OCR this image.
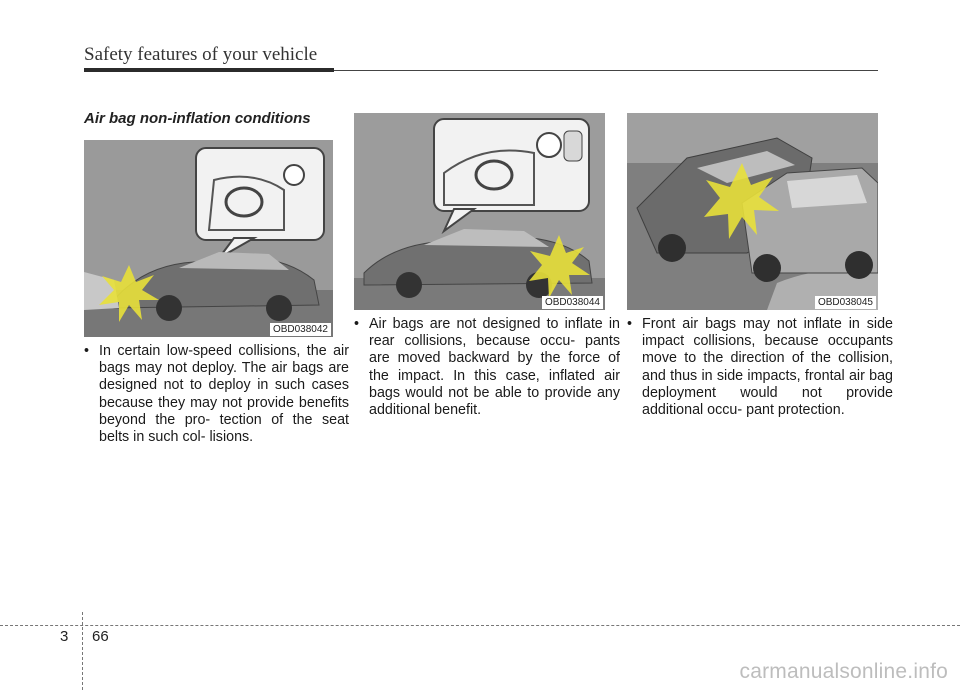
Safety features of your vehicle
Air bag non-inflation conditions
OBD038042
OBD038044	OBD038045
• In certain low-speed collisions, the air bags may not deploy. The air bags are designed not to deploy in such cases because they may not provide benefits beyond the pro- tection of the seat belts in such col- lisions.
• Air bags are not designed to inflate in rear collisions, because occu- pants are moved backward by the force of the impact. In this case, inflated air bags would not be able to provide any additional benefit.
• Front air bags may not inflate in side impact collisions, because occupants move to the direction of the collision, and thus in side impacts, frontal air bag deployment would not provide additional occu- pant protection.
3 66
carmanualsonline.info
